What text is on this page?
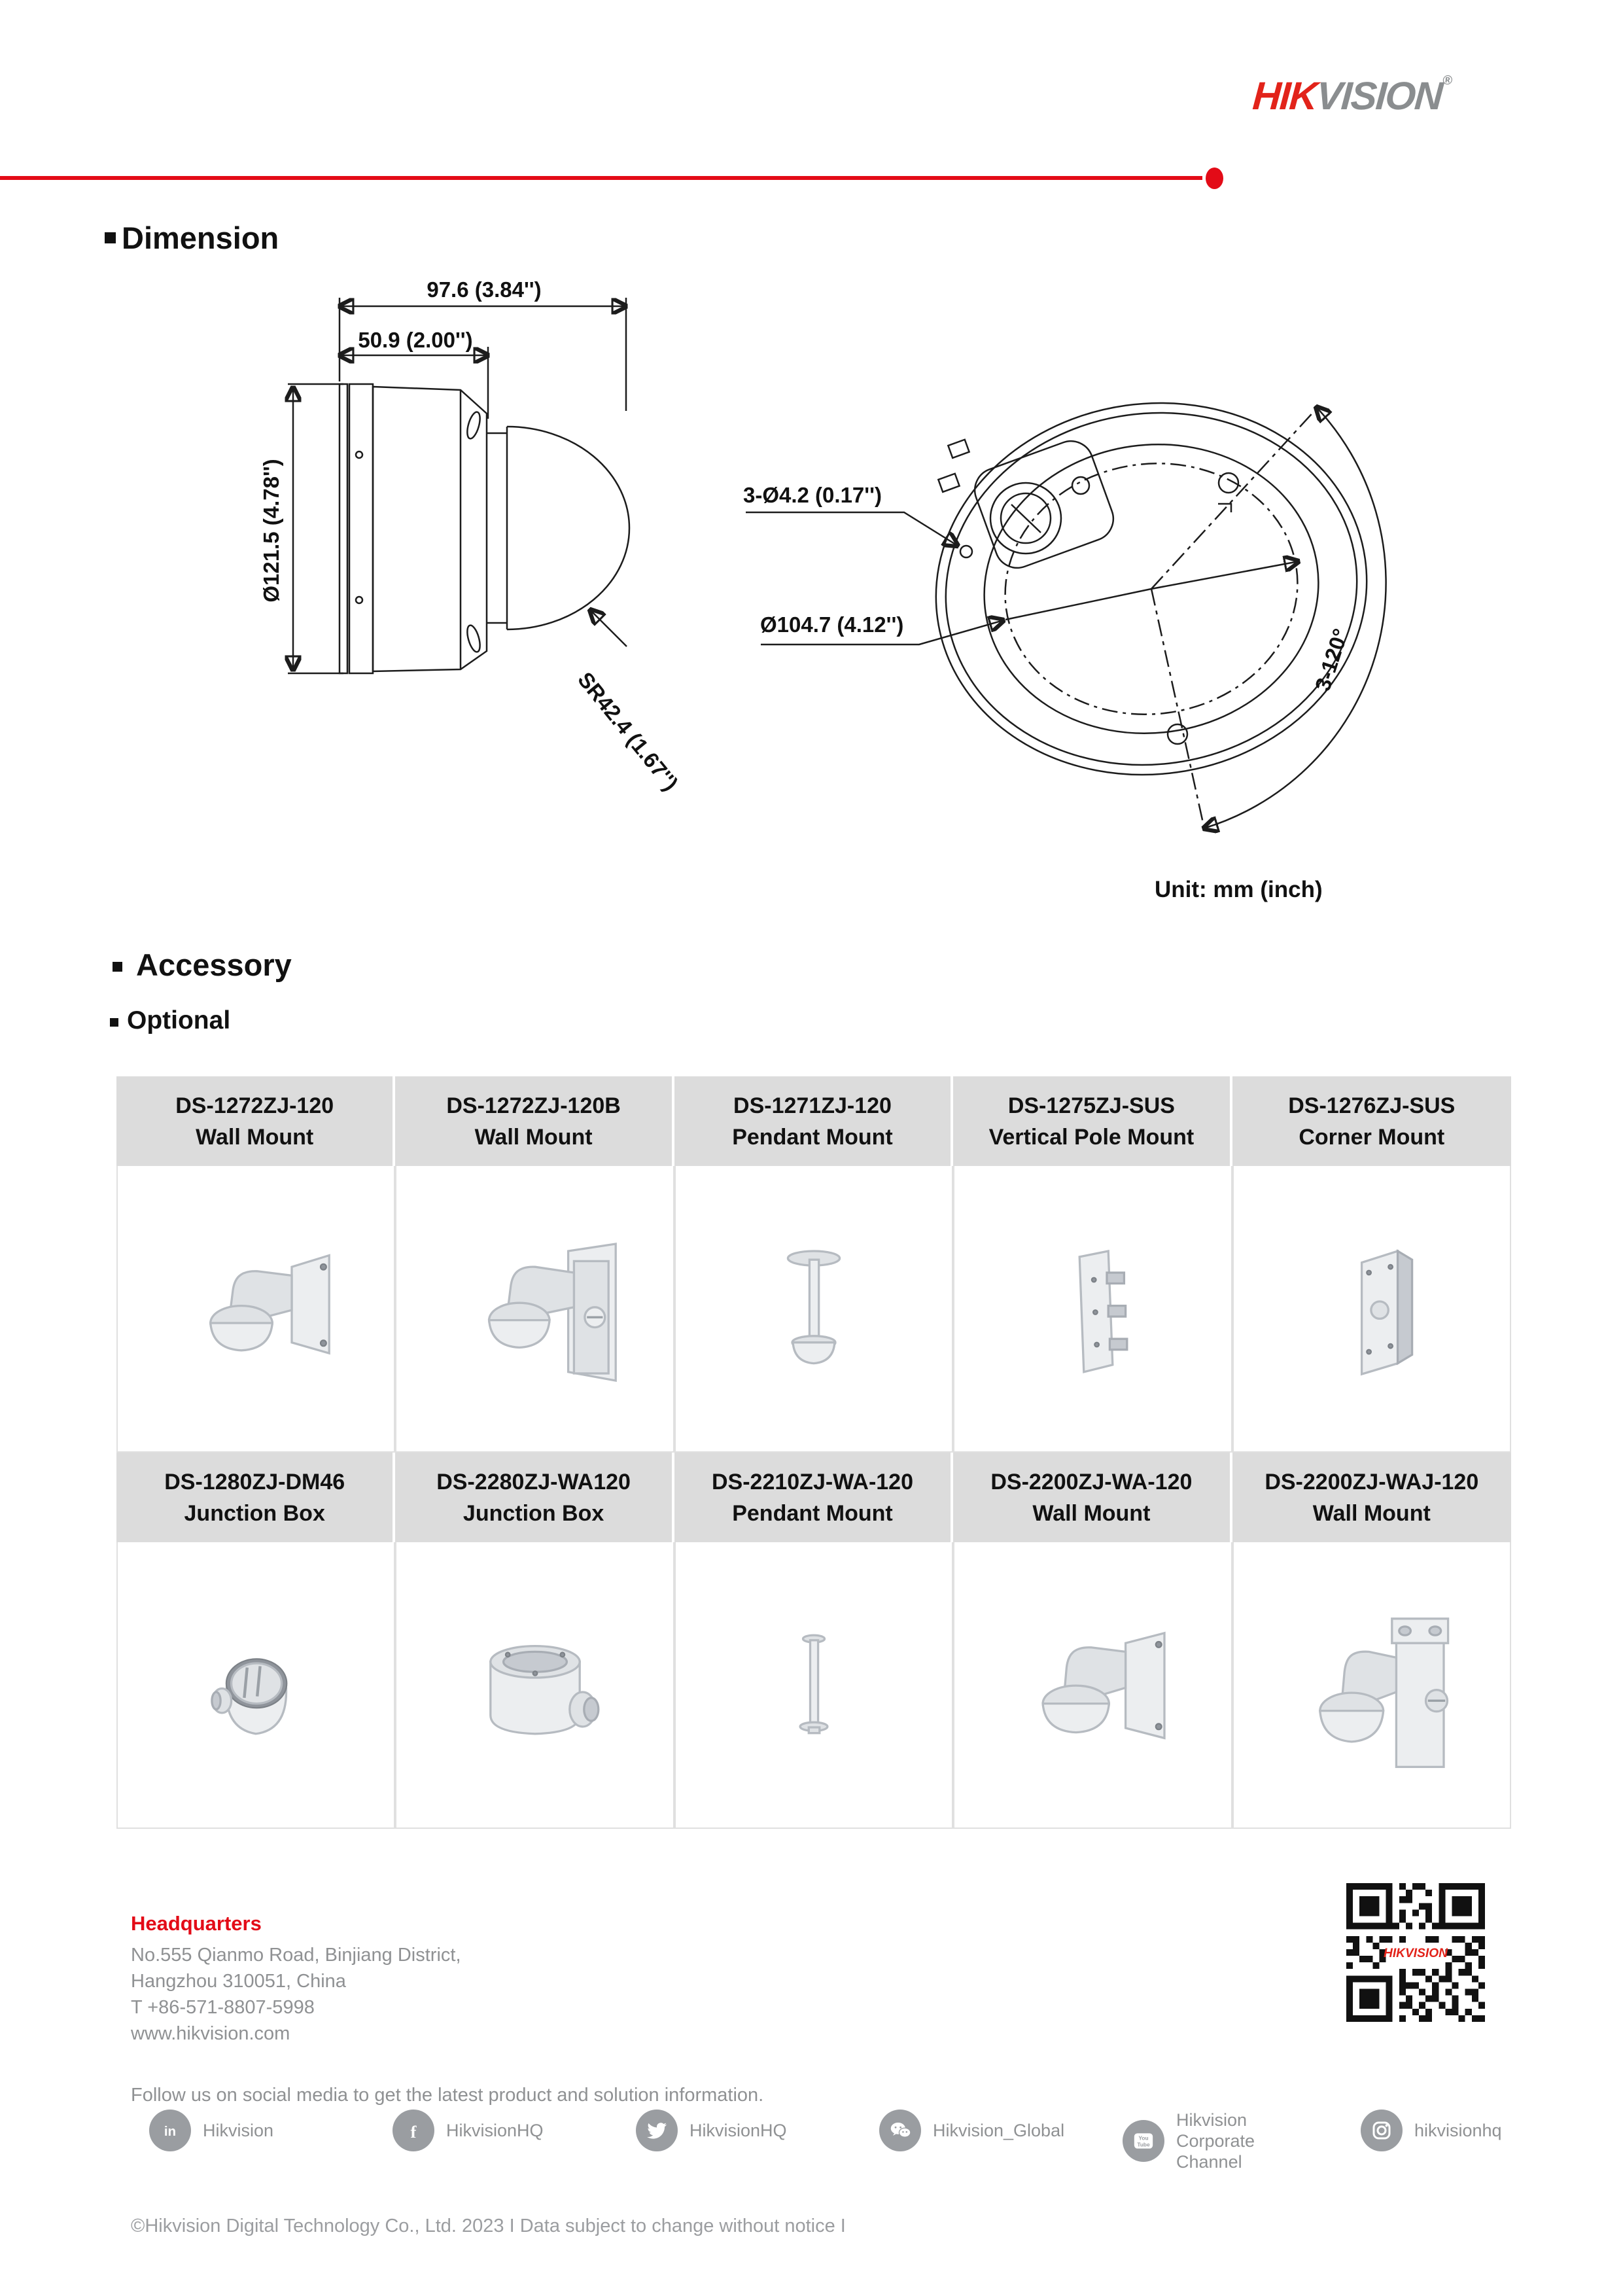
HIKVISION®
Dimension
97.6 (3.84'')
50.9 (2.00'')
Ø121.5 (4.78'')
SR42.4 (1.67'')
3-Ø4.2 (0.17'')
Ø104.7 (4.12'')
3-120°
Unit: mm (inch)
Accessory
Optional
DS-1272ZJ-120
Wall Mount
DS-1272ZJ-120B
Wall Mount
DS-1271ZJ-120
Pendant Mount
DS-1275ZJ-SUS
Vertical Pole Mount
DS-1276ZJ-SUS
Corner Mount
DS-1280ZJ-DM46
Junction Box
DS-2280ZJ-WA120
Junction Box
DS-2210ZJ-WA-120
Pendant Mount
DS-2200ZJ-WA-120
Wall Mount
DS-2200ZJ-WAJ-120
Wall Mount
Headquarters
No.555 Qianmo Road, Binjiang District,
Hangzhou 310051, China
T +86-571-8807-5998
www.hikvision.com
HIKVISION
Follow us on social media to get the latest product and solution information.
in Hikvision	f HikvisionHQ	HikvisionHQ	Hikvision_Global	You
Tube
Hikvision Corporate Channel
hikvisionhq
©Hikvision Digital Technology Co., Ltd. 2023 I Data subject to change without notice I
